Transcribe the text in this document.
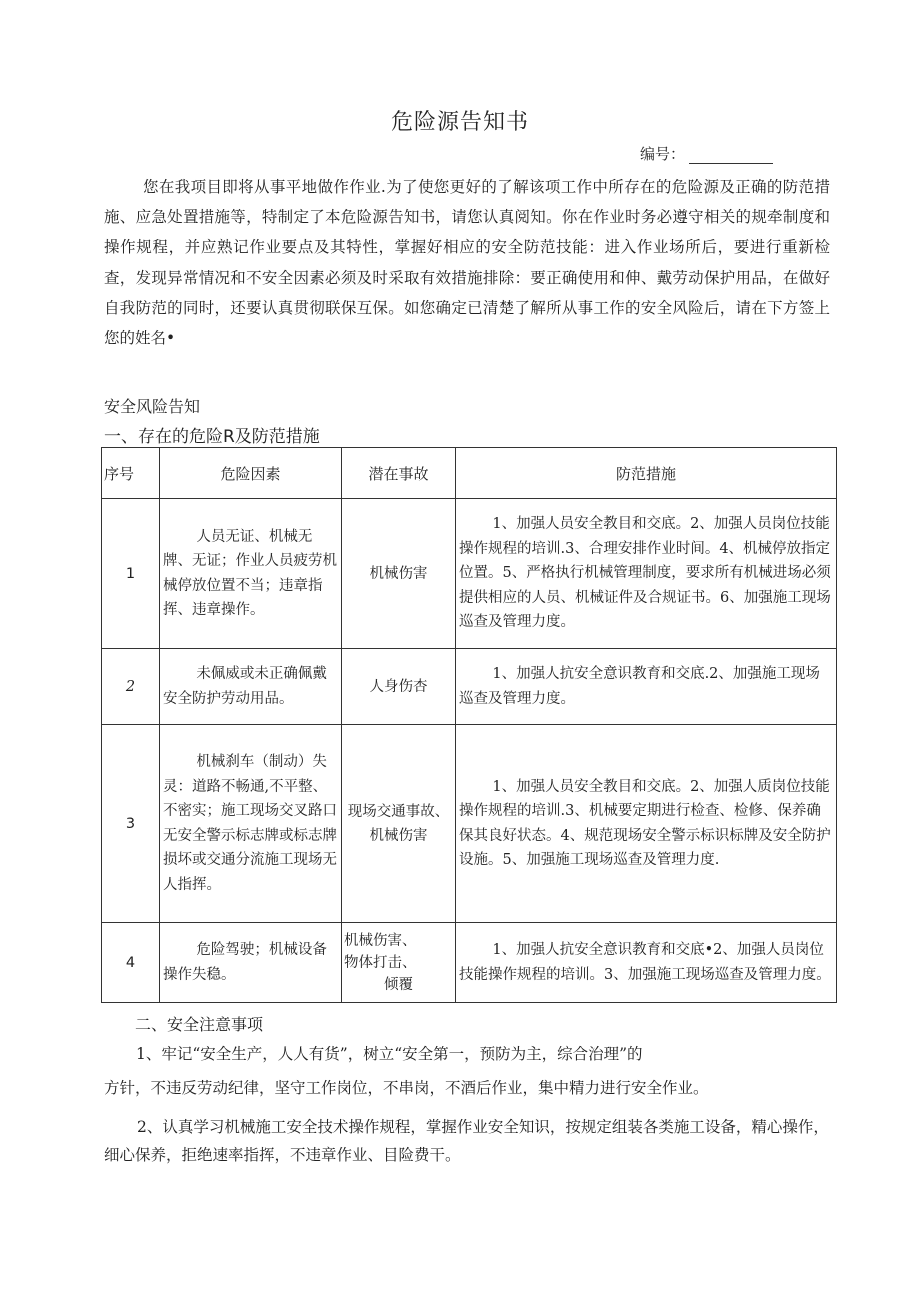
危险源告知书
编号：

您在我项目即将从事平地做作作业.为了使您更好的了解该项工作中所存在的危险源及正确的防范措施、应急处置措施等，特制定了本危险源告知书，请您认真阅知。你在作业时务必遵守相关的规牵制度和操作规程，并应熟记作业要点及其特性，掌握好相应的安全防范技能：进入作业场所后，要进行重新检查，发现异常情况和不安全因素必须及时采取有效措施排除：要正确使用和伸、戴劳动保护用品，在做好自我防范的同时，还要认真贯彻联保互保。如您确定已清楚了解所从事工作的安全风险后，请在下方签上您的姓名•

安全风险告知
一、存在的危险R及防范措施
序号	危险因素	潜在事故	防范措施
1	人员无证、机械无牌、无证；作业人员疲劳机械停放位置不当；违章指挥、违章操作。	机械伤害	1、加强人员安全教目和交底。2、加强人员岗位技能操作规程的培训.3、合理安排作业时间。4、机械停放指定位置。5、严格执行机械管理制度，要求所有机械进场必须提供相应的人员、机械证件及合规证书。6、加强施工现场巡查及管理力度。
2	未佩威或未正确佩戴安全防护劳动用品。	人身伤杏	1、加强人抗安全意识教育和交底.2、加强施工现场巡查及管理力度。
3	机械刹车（制动）失灵：道路不畅通,不平整、不密实；施工现场交叉路口无安全警示标志牌或标志牌损坏或交通分流施工现场无人指挥。	现场交通事故、机械伤害	1、加强人员安全教目和交底。2、加强人质岗位技能操作规程的培训.3、机械要定期进行检查、检修、保养确保其良好状态。4、规范现场安全警示标识标牌及安全防护设施。5、加强施工现场巡查及管理力度.
4	危险驾驶；机械设备操作失稳。	机械伤害、
物体打击、
倾覆	1、加强人抗安全意识教育和交底•2、加强人员岗位技能操作规程的培训。3、加强施工现场巡查及管理力度。
二、安全注意事项

1、牢记“安全生产，人人有货”，树立“安全第一，预防为主，综合治理”的

方针，不违反劳动纪律，坚守工作岗位，不串岗，不酒后作业，集中精力进行安全作业。

2、认真学习机械施工安全技术操作规程，掌握作业安全知识，按规定组装各类施工设备，精心操作，细心保养，拒绝速率指挥，不违章作业、目险费干。
